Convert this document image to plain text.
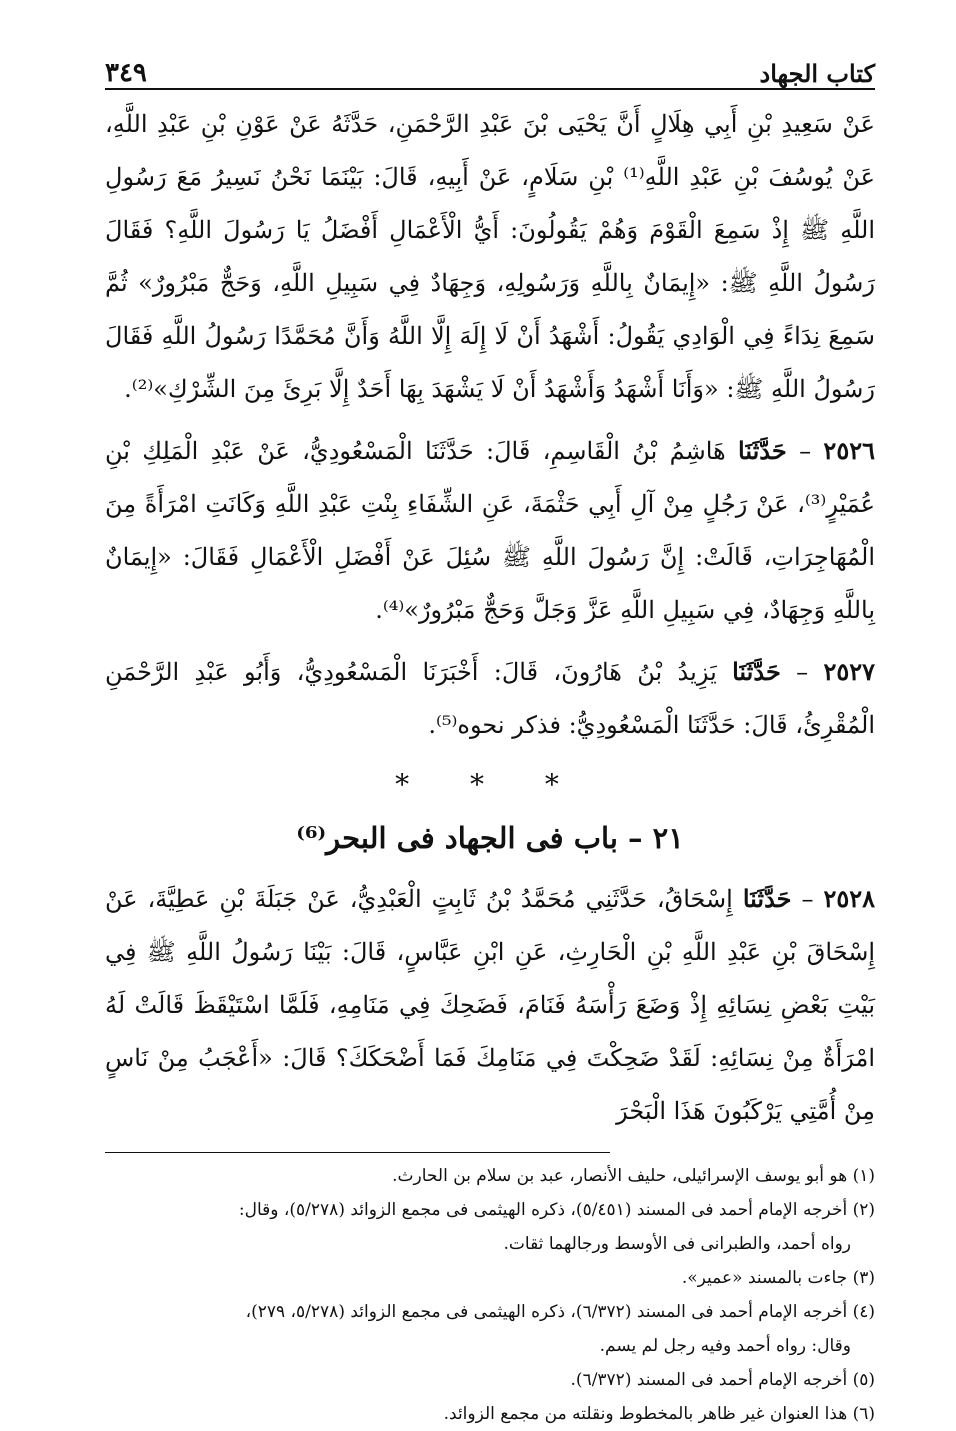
كتاب الجهاد
٣٤٩

عَنْ سَعِيدِ بْنِ أَبِي هِلَالٍ أَنَّ يَحْيَى بْنَ عَبْدِ الرَّحْمَنِ، حَدَّثَهُ عَنْ عَوْنِ بْنِ عَبْدِ اللَّهِ، عَنْ يُوسُفَ بْنِ عَبْدِ اللَّهِ⁽¹⁾ بْنِ سَلَامٍ، عَنْ أَبِيهِ، قَالَ: بَيْنَمَا نَحْنُ نَسِيرُ مَعَ رَسُولِ اللَّهِ ﷺ إِذْ سَمِعَ الْقَوْمَ وَهُمْ يَقُولُونَ: أَيُّ الْأَعْمَالِ أَفْضَلُ يَا رَسُولَ اللَّهِ؟ فَقَالَ رَسُولُ اللَّهِ ﷺ: «إِيمَانٌ بِاللَّهِ وَرَسُولِهِ، وَجِهَادٌ فِي سَبِيلِ اللَّهِ، وَحَجٌّ مَبْرُورٌ» ثُمَّ سَمِعَ نِدَاءً فِي الْوَادِي يَقُولُ: أَشْهَدُ أَنْ لَا إِلَهَ إِلَّا اللَّهُ وَأَنَّ مُحَمَّدًا رَسُولُ اللَّهِ فَقَالَ رَسُولُ اللَّهِ ﷺ: «وَأَنَا أَشْهَدُ وَأَشْهَدُ أَنْ لَا يَشْهَدَ بِهَا أَحَدٌ إِلَّا بَرِئَ مِنَ الشِّرْكِ»⁽²⁾.

٢٥٢٦ – حَدَّثَنَا هَاشِمُ بْنُ الْقَاسِمِ، قَالَ: حَدَّثَنَا الْمَسْعُودِيُّ، عَنْ عَبْدِ الْمَلِكِ بْنِ عُمَيْرٍ⁽³⁾، عَنْ رَجُلٍ مِنْ آلِ أَبِي حَثْمَةَ، عَنِ الشِّفَاءِ بِنْتِ عَبْدِ اللَّهِ وَكَانَتِ امْرَأَةً مِنَ الْمُهَاجِرَاتِ، قَالَتْ: إِنَّ رَسُولَ اللَّهِ ﷺ سُئِلَ عَنْ أَفْضَلِ الْأَعْمَالِ فَقَالَ: «إِيمَانٌ بِاللَّهِ وَجِهَادٌ، فِي سَبِيلِ اللَّهِ عَزَّ وَجَلَّ وَحَجٌّ مَبْرُورٌ»⁽⁴⁾.

٢٥٢٧ – حَدَّثَنَا يَزِيدُ بْنُ هَارُونَ، قَالَ: أَخْبَرَنَا الْمَسْعُودِيُّ، وَأَبُو عَبْدِ الرَّحْمَنِ الْمُقْرِئُ، قَالَ: حَدَّثَنَا الْمَسْعُودِيُّ: فذكر نحوه⁽⁵⁾.

* * *
٢١ – باب فى الجهاد فى البحر⁽⁶⁾

٢٥٢٨ – حَدَّثَنَا إِسْحَاقُ، حَدَّثَنِي مُحَمَّدُ بْنُ ثَابِتٍ الْعَبْدِيُّ، عَنْ جَبَلَةَ بْنِ عَطِيَّةَ، عَنْ إِسْحَاقَ بْنِ عَبْدِ اللَّهِ بْنِ الْحَارِثِ، عَنِ ابْنِ عَبَّاسٍ، قَالَ: بَيْنَا رَسُولُ اللَّهِ ﷺ فِي بَيْتِ بَعْضِ نِسَائِهِ إِذْ وَضَعَ رَأْسَهُ فَنَامَ، فَضَحِكَ فِي مَنَامِهِ، فَلَمَّا اسْتَيْقَظَ قَالَتْ لَهُ امْرَأَةٌ مِنْ نِسَائِهِ: لَقَدْ ضَحِكْتَ فِي مَنَامِكَ فَمَا أَضْحَكَكَ؟ قَالَ: «أَعْجَبُ مِنْ نَاسٍ مِنْ أُمَّتِي يَرْكَبُونَ هَذَا الْبَحْرَ

(١) هو أبو يوسف الإسرائيلى، حليف الأنصار، عبد بن سلام بن الحارث.

(٢) أخرجه الإمام أحمد فى المسند (٥/٤٥١)، ذكره الهيثمى فى مجمع الزوائد (٥/٢٧٨)، وقال:
رواه أحمد، والطبرانى فى الأوسط ورجالهما ثقات.

(٣) جاءت بالمسند «عمير».

(٤) أخرجه الإمام أحمد فى المسند (٦/٣٧٢)، ذكره الهيثمى فى مجمع الزوائد (٥/٢٧٨، ٢٧٩)،
وقال: رواه أحمد وفيه رجل لم يسم.

(٥) أخرجه الإمام أحمد فى المسند (٦/٣٧٢).

(٦) هذا العنوان غير ظاهر بالمخطوط ونقلته من مجمع الزوائد.
